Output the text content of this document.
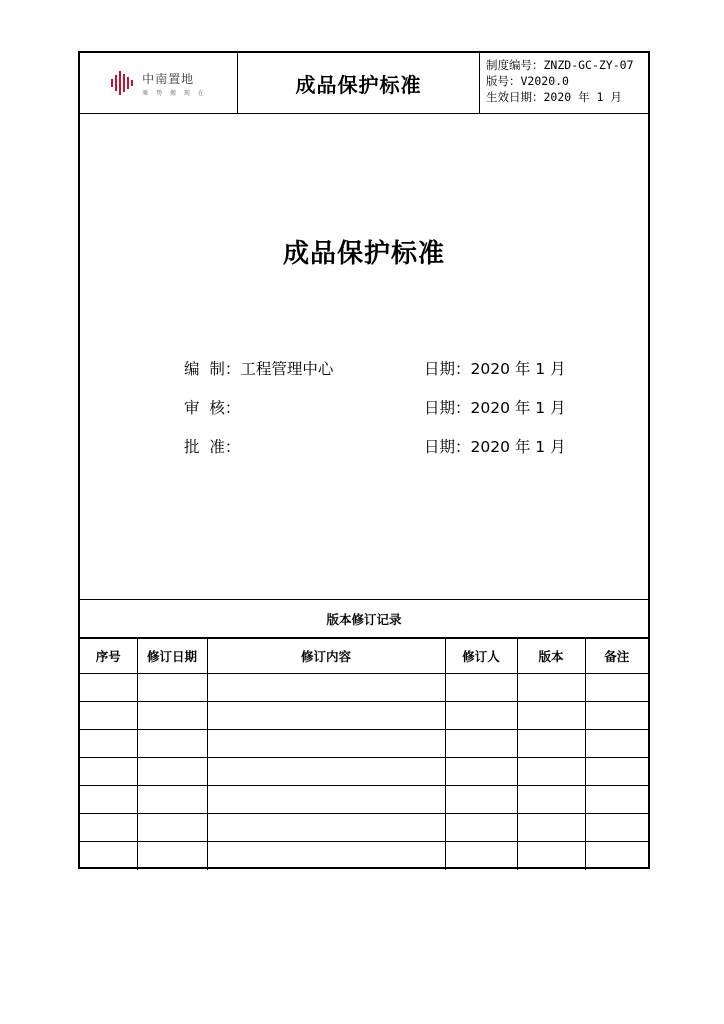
中南置地
乘 势 搬 现 在	成品保护标准
制度编号：ZNZD-GC-ZY-07
版号：V2020.0
生效日期：2020 年 1 月
成品保护标准
编  制：工程管理中心	日期：2020 年 1 月
审  核：	日期：2020 年 1 月
批  准：	日期：2020 年 1 月
版本修订记录
序号	修订日期	修订内容	修订人	版本	备注
